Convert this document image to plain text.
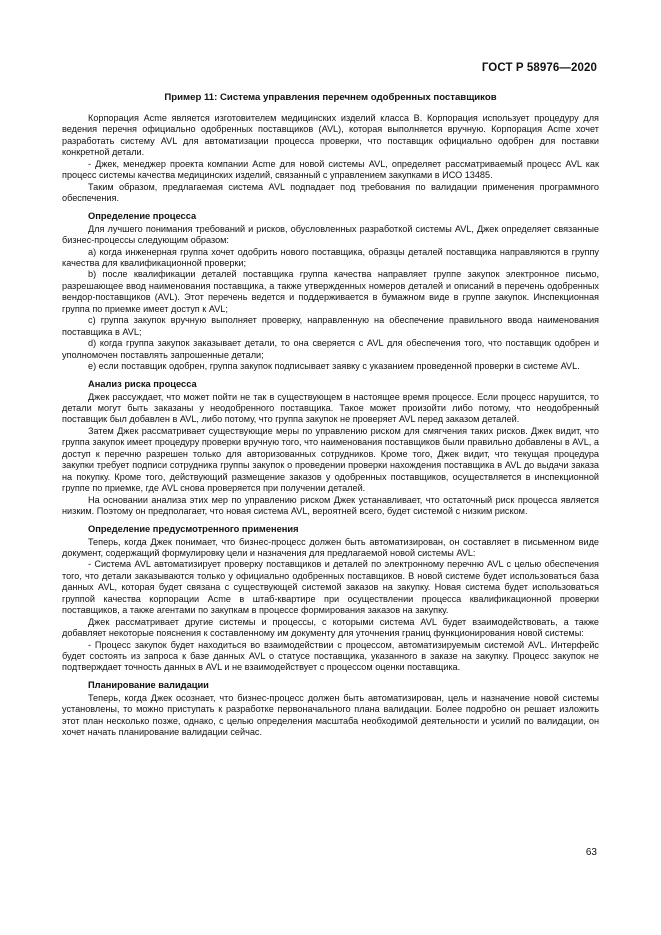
ГОСТ Р 58976—2020
Пример 11: Система управления перечнем одобренных поставщиков

Корпорация Acme является изготовителем медицинских изделий класса B. Корпорация использует процедуру для ведения перечня официально одобренных поставщиков (AVL), которая выполняется вручную. Корпорация Acme хочет разработать систему AVL для автоматизации процесса проверки, что поставщик официально одобрен для поставки конкретной детали.

- Джек, менеджер проекта компании Acme для новой системы AVL, определяет рассматриваемый процесс AVL как процесс системы качества медицинских изделий, связанный с управлением закупками в ИСО 13485.

Таким образом, предлагаемая система AVL подпадает под требования по валидации применения программного обеспечения.

Определение процесса

Для лучшего понимания требований и рисков, обусловленных разработкой системы AVL, Джек определяет связанные бизнес-процессы следующим образом:

а) когда инженерная группа хочет одобрить нового поставщика, образцы деталей поставщика направляются в группу качества для квалификационной проверки;

b) после квалификации деталей поставщика группа качества направляет группе закупок электронное письмо, разрешающее ввод наименования поставщика, а также утвержденных номеров деталей и описаний в перечень одобренных вендор-поставщиков (AVL). Этот перечень ведется и поддерживается в бумажном виде в группе закупок. Инспекционная группа по приемке имеет доступ к AVL;

с) группа закупок вручную выполняет проверку, направленную на обеспечение правильного ввода наименования поставщика в AVL;

d) когда группа закупок заказывает детали, то она сверяется с AVL для обеспечения того, что поставщик одобрен и уполномочен поставлять запрошенные детали;

е) если поставщик одобрен, группа закупок подписывает заявку с указанием проведенной проверки в системе AVL.

Анализ риска процесса

Джек рассуждает, что может пойти не так в существующем в настоящее время процессе. Если процесс нарушится, то детали могут быть заказаны у неодобренного поставщика. Такое может произойти либо потому, что неодобренный поставщик был добавлен в AVL, либо потому, что группа закупок не проверяет AVL перед заказом деталей.

Затем Джек рассматривает существующие меры по управлению риском для смягчения таких рисков. Джек видит, что группа закупок имеет процедуру проверки вручную того, что наименования поставщиков были правильно добавлены в AVL, а доступ к перечню разрешен только для авторизованных сотрудников. Кроме того, Джек видит, что текущая процедура закупки требует подписи сотрудника группы закупок о проведении проверки нахождения поставщика в AVL до выдачи заказа на покупку. Кроме того, действующий размещение заказов у одобренных поставщиков, осуществляется в инспекционной группе по приемке, где AVL снова проверяется при получении деталей.

На основании анализа этих мер по управлению риском Джек устанавливает, что остаточный риск процесса является низким. Поэтому он предполагает, что новая система AVL, вероятней всего, будет системой с низким риском.

Определение предусмотренного применения

Теперь, когда Джек понимает, что бизнес-процесс должен быть автоматизирован, он составляет в письменном виде документ, содержащий формулировку цели и назначения для предлагаемой новой системы AVL:

- Система AVL автоматизирует проверку поставщиков и деталей по электронному перечню AVL с целью обеспечения того, что детали заказываются только у официально одобренных поставщиков. В новой системе будет использоваться база данных AVL, которая будет связана с существующей системой заказов на закупку. Новая система будет использоваться группой качества корпорации Acme в штаб-квартире при осуществлении процесса квалификационной проверки поставщиков, а также агентами по закупкам в процессе формирования заказов на закупку.

Джек рассматривает другие системы и процессы, с которыми система AVL будет взаимодействовать, а также добавляет некоторые пояснения к составленному им документу для уточнения границ функционирования новой системы:

- Процесс закупок будет находиться во взаимодействии с процессом, автоматизируемым системой AVL. Интерфейс будет состоять из запроса к базе данных AVL о статусе поставщика, указанного в заказе на закупку. Процесс закупок не подтверждает точность данных в AVL и не взаимодействует с процессом оценки поставщика.

Планирование валидации

Теперь, когда Джек осознает, что бизнес-процесс должен быть автоматизирован, цель и назначение новой системы установлены, то можно приступать к разработке первоначального плана валидации. Более подробно он решает изложить этот план несколько позже, однако, с целью определения масштаба необходимой деятельности и усилий по валидации, он хочет начать планирование валидации сейчас.

63
